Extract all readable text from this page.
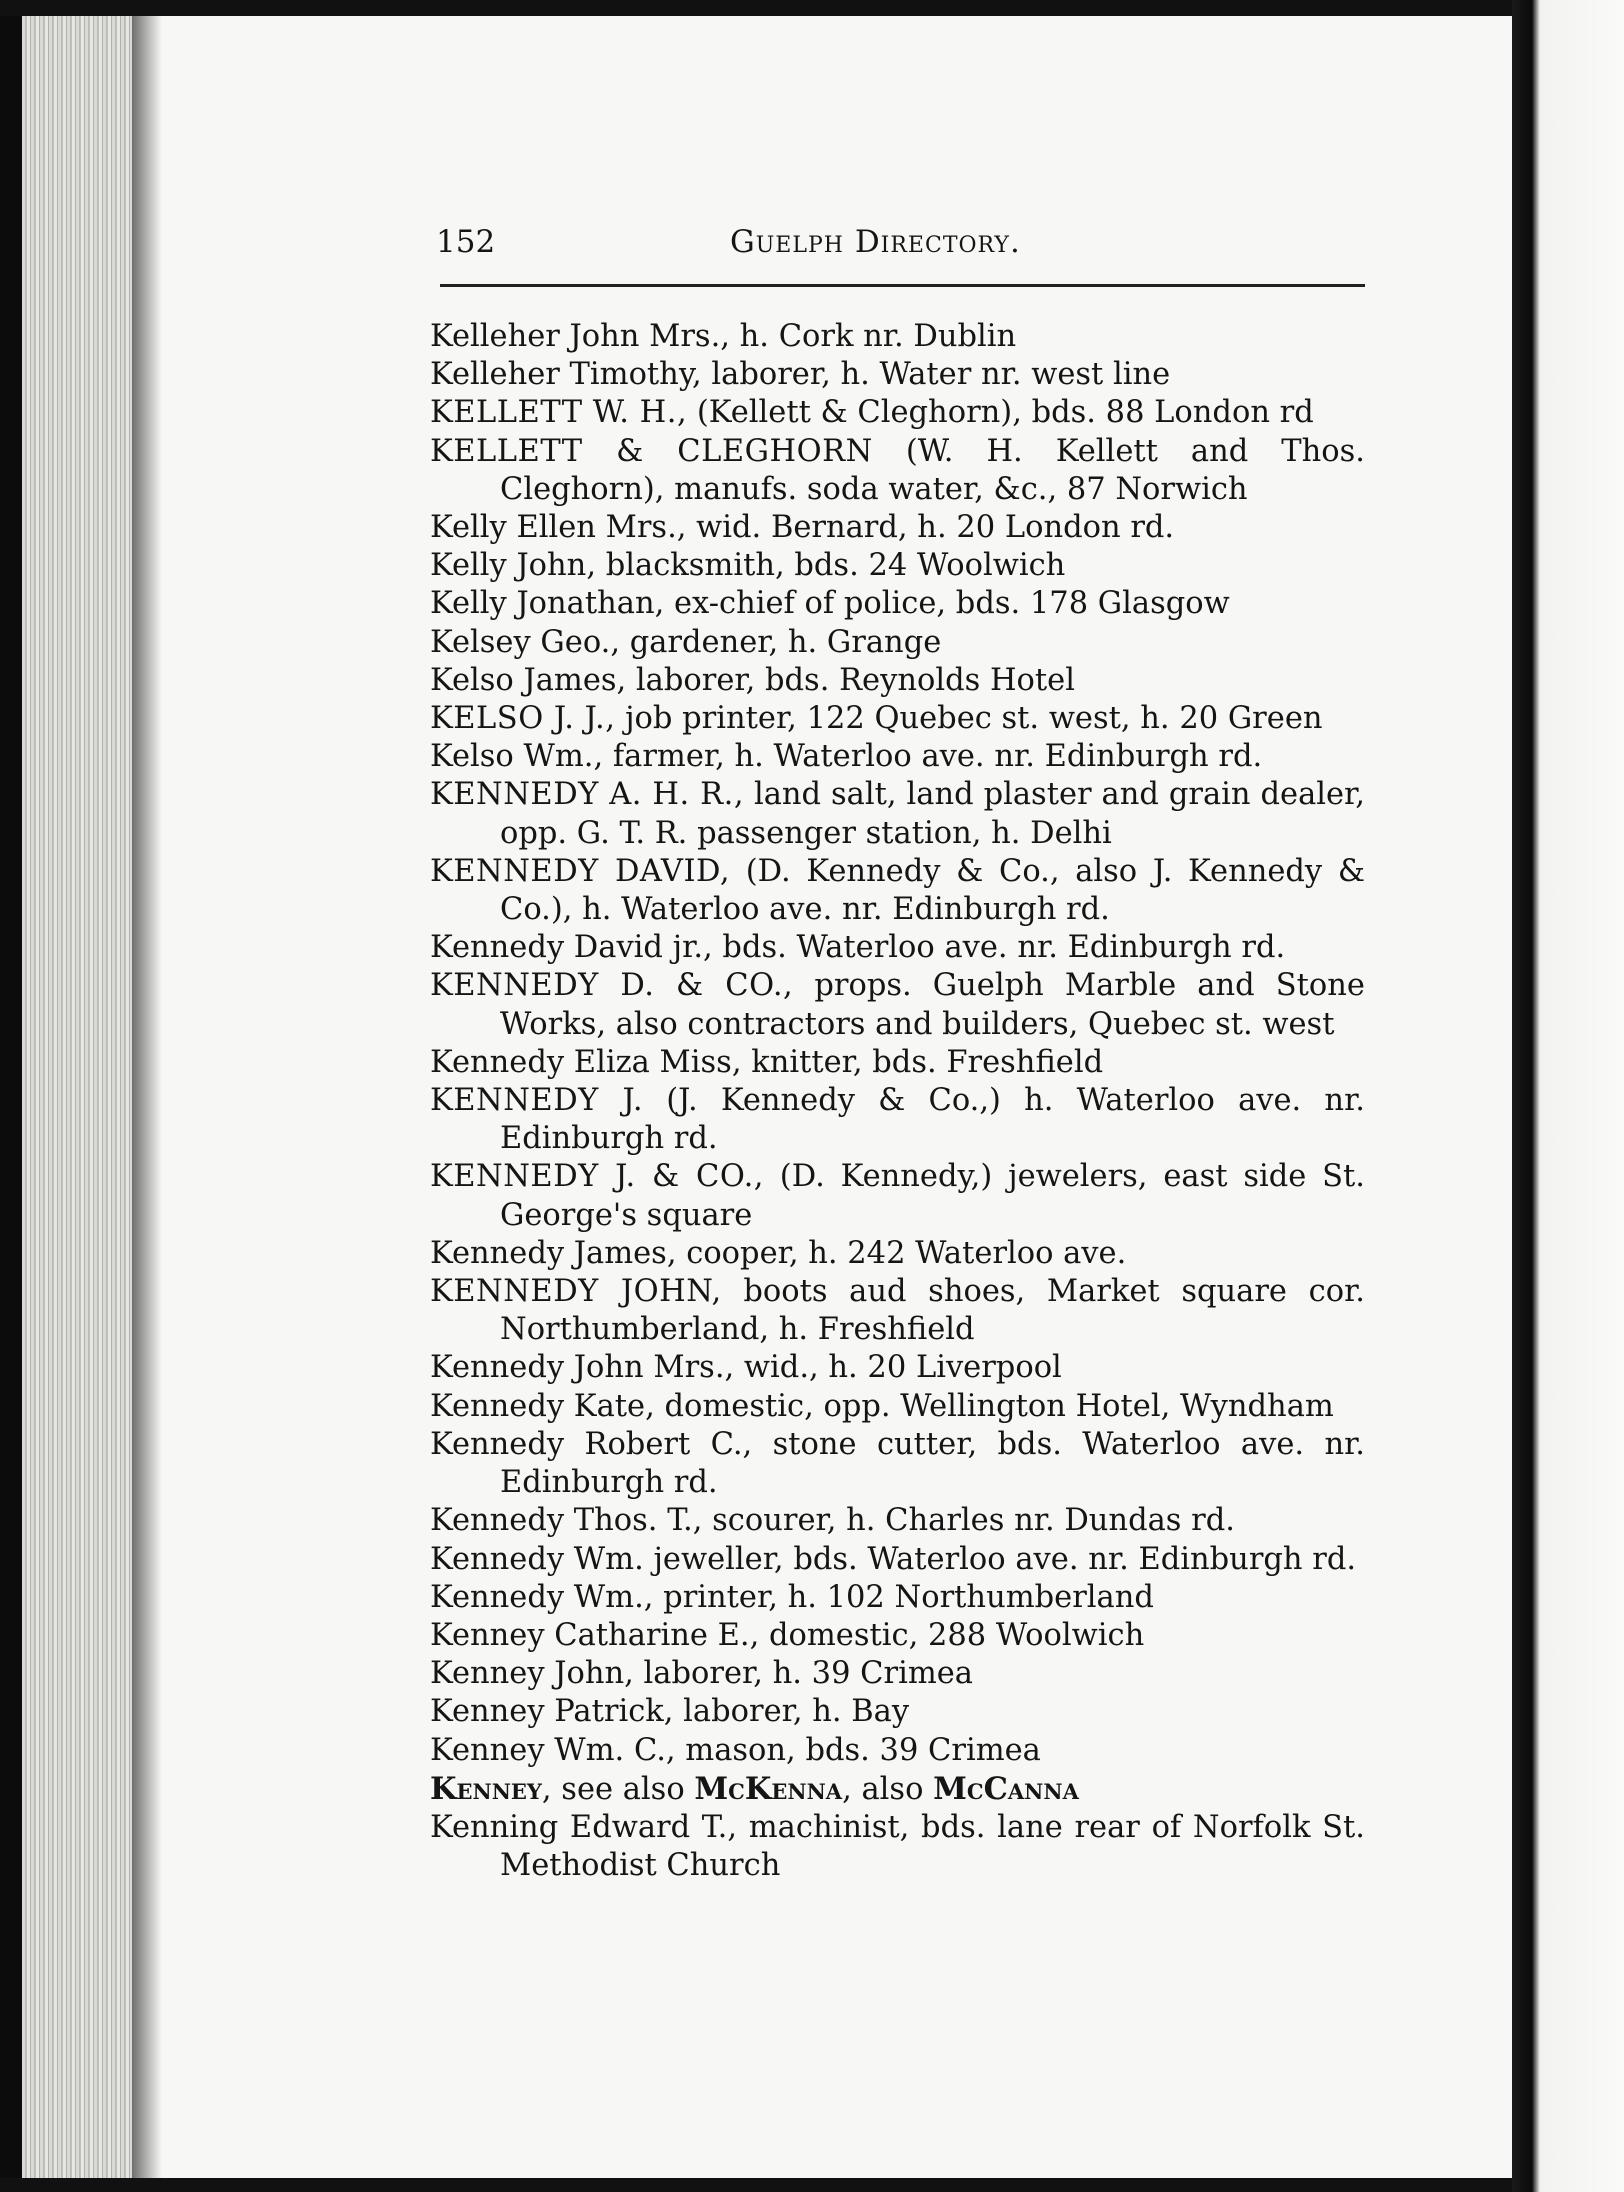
152	Guelph Directory.
Kelleher John Mrs., h. Cork nr. Dublin
Kelleher Timothy, laborer, h. Water nr. west line
KELLETT W. H., (Kellett & Cleghorn), bds. 88 London rd
KELLETT & CLEGHORN (W. H. Kellett and Thos. Cleghorn), manufs. soda water, &c., 87 Norwich
Kelly Ellen Mrs., wid. Bernard, h. 20 London rd.
Kelly John, blacksmith, bds. 24 Woolwich
Kelly Jonathan, ex-chief of police, bds. 178 Glasgow
Kelsey Geo., gardener, h. Grange
Kelso James, laborer, bds. Reynolds Hotel
KELSO J. J., job printer, 122 Quebec st. west, h. 20 Green
Kelso Wm., farmer, h. Waterloo ave. nr. Edinburgh rd.
KENNEDY A. H. R., land salt, land plaster and grain dealer, opp. G. T. R. passenger station, h. Delhi
KENNEDY DAVID, (D. Kennedy & Co., also J. Kennedy & Co.), h. Waterloo ave. nr. Edinburgh rd.
Kennedy David jr., bds. Waterloo ave. nr. Edinburgh rd.
KENNEDY D. & CO., props. Guelph Marble and Stone Works, also contractors and builders, Quebec st. west
Kennedy Eliza Miss, knitter, bds. Freshfield
KENNEDY J. (J. Kennedy & Co.,) h. Waterloo ave. nr. Edinburgh rd.
KENNEDY J. & CO., (D. Kennedy,) jewelers, east side St. George's square
Kennedy James, cooper, h. 242 Waterloo ave.
KENNEDY JOHN, boots aud shoes, Market square cor. Northumberland, h. Freshfield
Kennedy John Mrs., wid., h. 20 Liverpool
Kennedy Kate, domestic, opp. Wellington Hotel, Wyndham
Kennedy Robert C., stone cutter, bds. Waterloo ave. nr. Edinburgh rd.
Kennedy Thos. T., scourer, h. Charles nr. Dundas rd.
Kennedy Wm. jeweller, bds. Waterloo ave. nr. Edinburgh rd.
Kennedy Wm., printer, h. 102 Northumberland
Kenney Catharine E., domestic, 288 Woolwich
Kenney John, laborer, h. 39 Crimea
Kenney Patrick, laborer, h. Bay
Kenney Wm. C., mason, bds. 39 Crimea
Kenney, see also McKenna, also McCanna
Kenning Edward T., machinist, bds. lane rear of Norfolk St. Methodist Church
